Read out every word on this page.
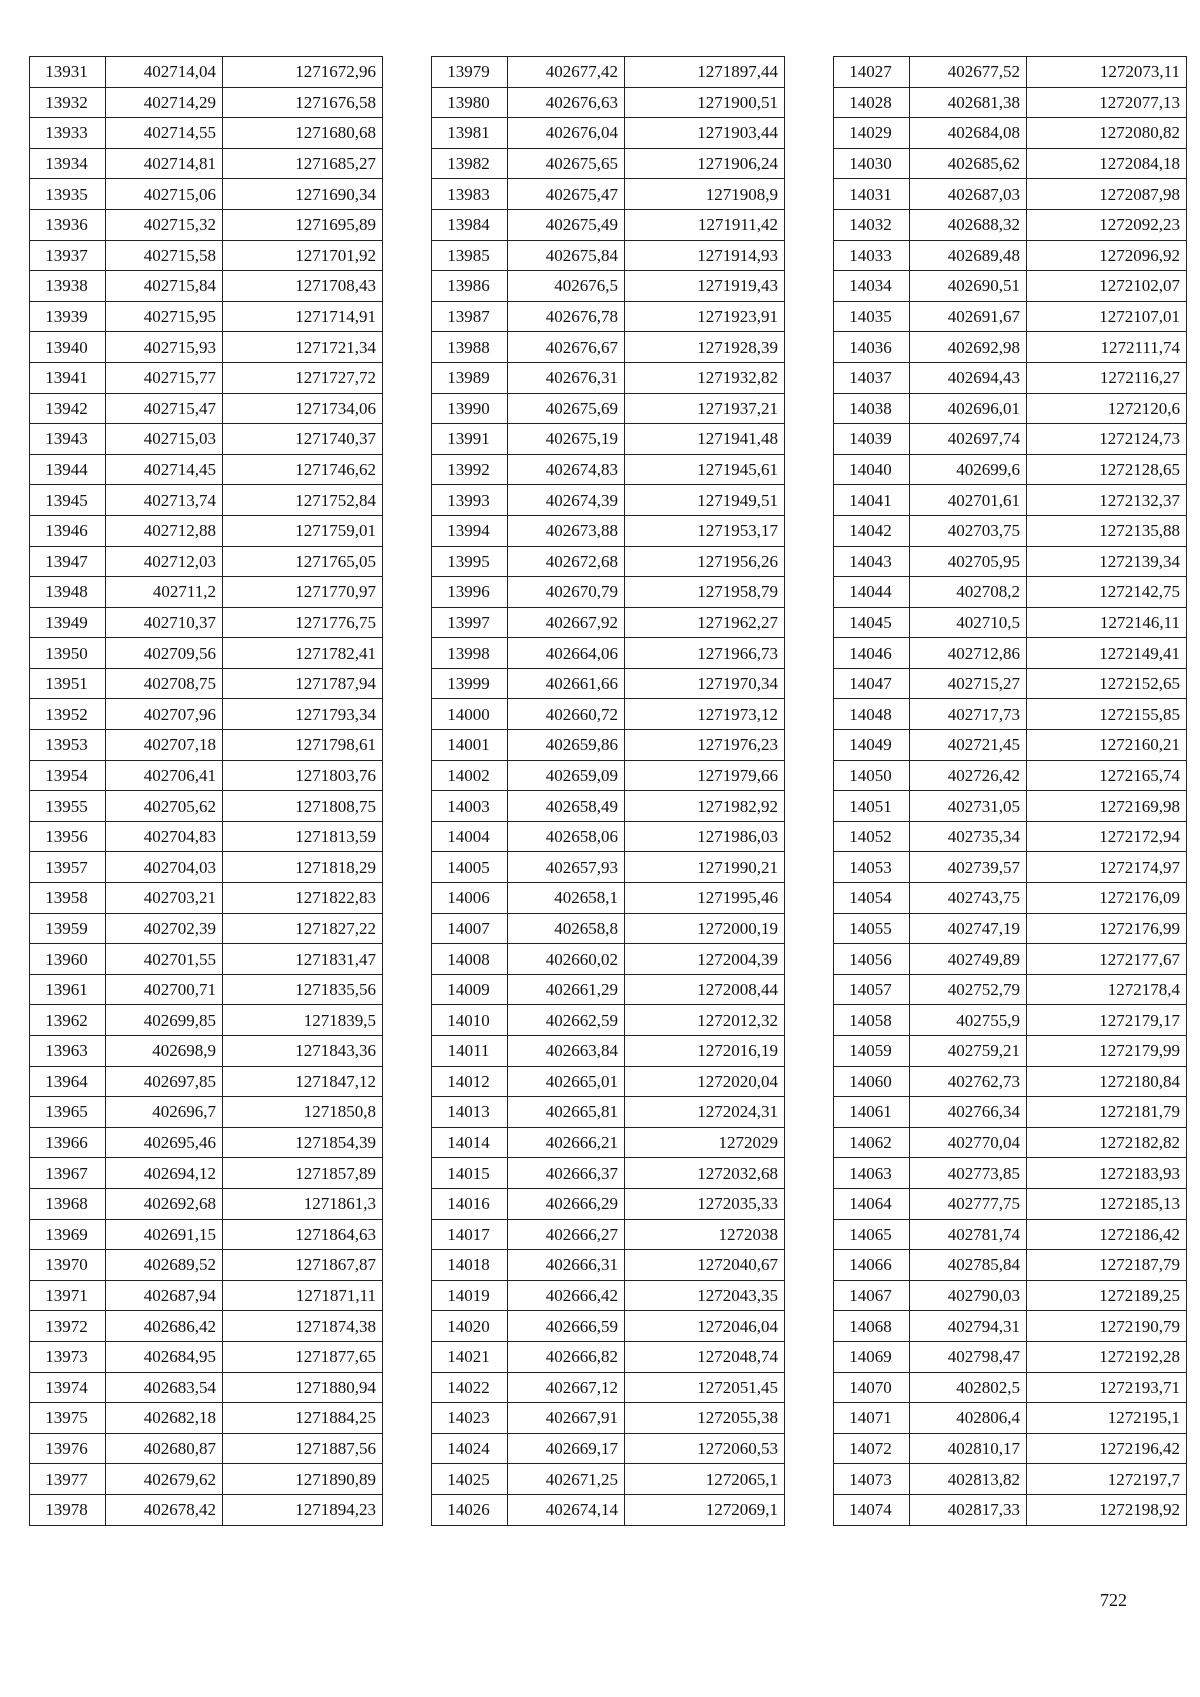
13931	402714,04	1271672,96
13932	402714,29	1271676,58
13933	402714,55	1271680,68
13934	402714,81	1271685,27
13935	402715,06	1271690,34
13936	402715,32	1271695,89
13937	402715,58	1271701,92
13938	402715,84	1271708,43
13939	402715,95	1271714,91
13940	402715,93	1271721,34
13941	402715,77	1271727,72
13942	402715,47	1271734,06
13943	402715,03	1271740,37
13944	402714,45	1271746,62
13945	402713,74	1271752,84
13946	402712,88	1271759,01
13947	402712,03	1271765,05
13948	402711,2	1271770,97
13949	402710,37	1271776,75
13950	402709,56	1271782,41
13951	402708,75	1271787,94
13952	402707,96	1271793,34
13953	402707,18	1271798,61
13954	402706,41	1271803,76
13955	402705,62	1271808,75
13956	402704,83	1271813,59
13957	402704,03	1271818,29
13958	402703,21	1271822,83
13959	402702,39	1271827,22
13960	402701,55	1271831,47
13961	402700,71	1271835,56
13962	402699,85	1271839,5
13963	402698,9	1271843,36
13964	402697,85	1271847,12
13965	402696,7	1271850,8
13966	402695,46	1271854,39
13967	402694,12	1271857,89
13968	402692,68	1271861,3
13969	402691,15	1271864,63
13970	402689,52	1271867,87
13971	402687,94	1271871,11
13972	402686,42	1271874,38
13973	402684,95	1271877,65
13974	402683,54	1271880,94
13975	402682,18	1271884,25
13976	402680,87	1271887,56
13977	402679,62	1271890,89
13978	402678,42	1271894,23
13979	402677,42	1271897,44
13980	402676,63	1271900,51
13981	402676,04	1271903,44
13982	402675,65	1271906,24
13983	402675,47	1271908,9
13984	402675,49	1271911,42
13985	402675,84	1271914,93
13986	402676,5	1271919,43
13987	402676,78	1271923,91
13988	402676,67	1271928,39
13989	402676,31	1271932,82
13990	402675,69	1271937,21
13991	402675,19	1271941,48
13992	402674,83	1271945,61
13993	402674,39	1271949,51
13994	402673,88	1271953,17
13995	402672,68	1271956,26
13996	402670,79	1271958,79
13997	402667,92	1271962,27
13998	402664,06	1271966,73
13999	402661,66	1271970,34
14000	402660,72	1271973,12
14001	402659,86	1271976,23
14002	402659,09	1271979,66
14003	402658,49	1271982,92
14004	402658,06	1271986,03
14005	402657,93	1271990,21
14006	402658,1	1271995,46
14007	402658,8	1272000,19
14008	402660,02	1272004,39
14009	402661,29	1272008,44
14010	402662,59	1272012,32
14011	402663,84	1272016,19
14012	402665,01	1272020,04
14013	402665,81	1272024,31
14014	402666,21	1272029
14015	402666,37	1272032,68
14016	402666,29	1272035,33
14017	402666,27	1272038
14018	402666,31	1272040,67
14019	402666,42	1272043,35
14020	402666,59	1272046,04
14021	402666,82	1272048,74
14022	402667,12	1272051,45
14023	402667,91	1272055,38
14024	402669,17	1272060,53
14025	402671,25	1272065,1
14026	402674,14	1272069,1
14027	402677,52	1272073,11
14028	402681,38	1272077,13
14029	402684,08	1272080,82
14030	402685,62	1272084,18
14031	402687,03	1272087,98
14032	402688,32	1272092,23
14033	402689,48	1272096,92
14034	402690,51	1272102,07
14035	402691,67	1272107,01
14036	402692,98	1272111,74
14037	402694,43	1272116,27
14038	402696,01	1272120,6
14039	402697,74	1272124,73
14040	402699,6	1272128,65
14041	402701,61	1272132,37
14042	402703,75	1272135,88
14043	402705,95	1272139,34
14044	402708,2	1272142,75
14045	402710,5	1272146,11
14046	402712,86	1272149,41
14047	402715,27	1272152,65
14048	402717,73	1272155,85
14049	402721,45	1272160,21
14050	402726,42	1272165,74
14051	402731,05	1272169,98
14052	402735,34	1272172,94
14053	402739,57	1272174,97
14054	402743,75	1272176,09
14055	402747,19	1272176,99
14056	402749,89	1272177,67
14057	402752,79	1272178,4
14058	402755,9	1272179,17
14059	402759,21	1272179,99
14060	402762,73	1272180,84
14061	402766,34	1272181,79
14062	402770,04	1272182,82
14063	402773,85	1272183,93
14064	402777,75	1272185,13
14065	402781,74	1272186,42
14066	402785,84	1272187,79
14067	402790,03	1272189,25
14068	402794,31	1272190,79
14069	402798,47	1272192,28
14070	402802,5	1272193,71
14071	402806,4	1272195,1
14072	402810,17	1272196,42
14073	402813,82	1272197,7
14074	402817,33	1272198,92
722
